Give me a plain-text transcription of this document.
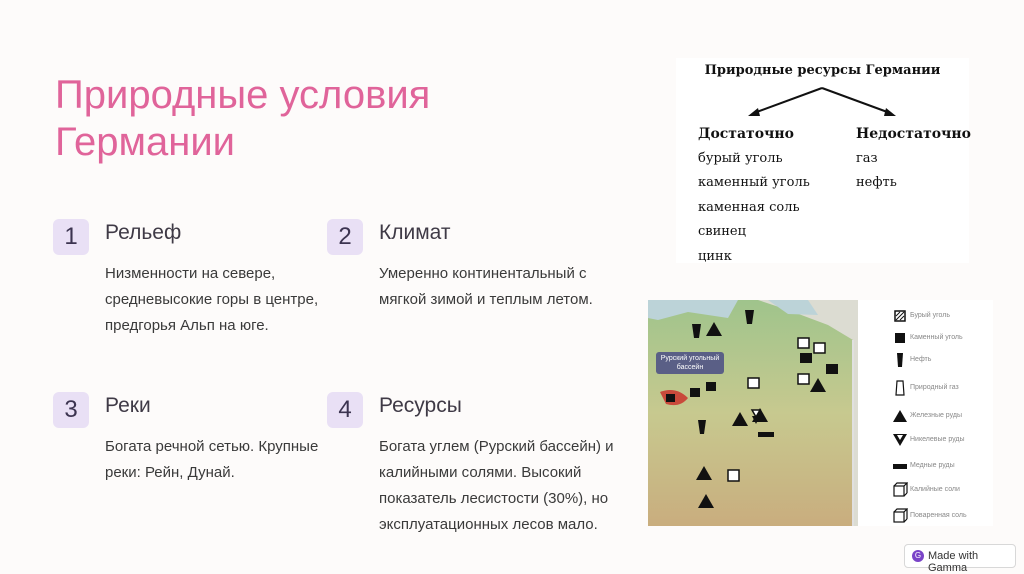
Природные условия Германии
1	Рельеф
Низменности на севере, средневысокие горы в центре, предгорья Альп на юге.
2	Климат
Умеренно континентальный с мягкой зимой и теплым летом.
3	Реки
Богата речной сетью. Крупные реки: Рейн, Дунай.
4	Ресурсы
Богата углем (Рурский бассейн) и калийными солями. Высокий показатель лесистости (30%), но эксплуатационных лесов мало.
Природные ресурсы Германии
Достаточно
бурый уголь
каменный уголь
каменная соль
свинец
цинк
Недостаточно
газ
нефть
Рурский угольный бассейн
Бурый уголь
Каменный уголь
Нефть
Природный газ
Железные руды
Никелевые руды
Медные руды
Калийные соли
Поваренная соль
G Made with Gamma
